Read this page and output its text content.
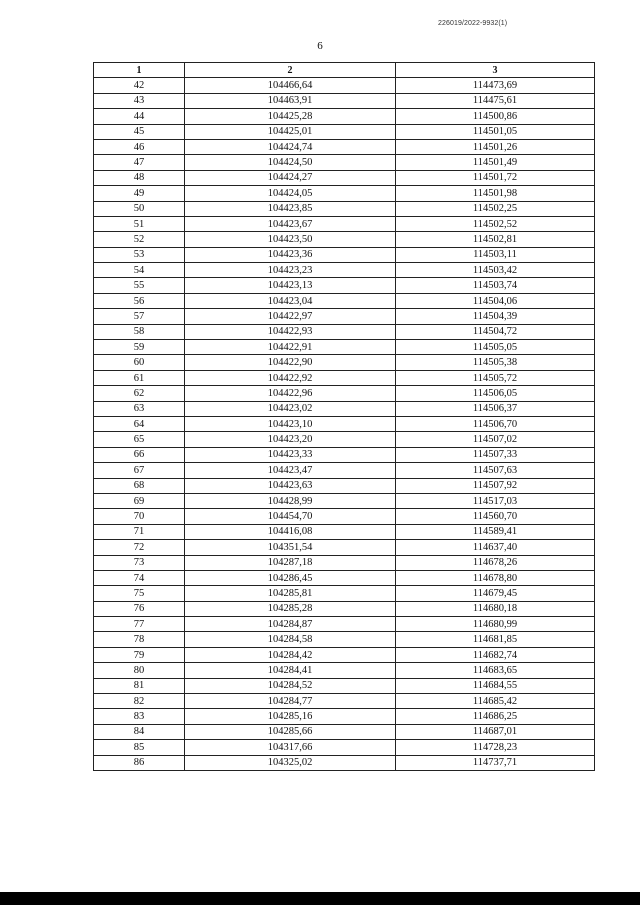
226019/2022-9932(1)
6
1	2	3
42	104466,64	114473,69
43	104463,91	114475,61
44	104425,28	114500,86
45	104425,01	114501,05
46	104424,74	114501,26
47	104424,50	114501,49
48	104424,27	114501,72
49	104424,05	114501,98
50	104423,85	114502,25
51	104423,67	114502,52
52	104423,50	114502,81
53	104423,36	114503,11
54	104423,23	114503,42
55	104423,13	114503,74
56	104423,04	114504,06
57	104422,97	114504,39
58	104422,93	114504,72
59	104422,91	114505,05
60	104422,90	114505,38
61	104422,92	114505,72
62	104422,96	114506,05
63	104423,02	114506,37
64	104423,10	114506,70
65	104423,20	114507,02
66	104423,33	114507,33
67	104423,47	114507,63
68	104423,63	114507,92
69	104428,99	114517,03
70	104454,70	114560,70
71	104416,08	114589,41
72	104351,54	114637,40
73	104287,18	114678,26
74	104286,45	114678,80
75	104285,81	114679,45
76	104285,28	114680,18
77	104284,87	114680,99
78	104284,58	114681,85
79	104284,42	114682,74
80	104284,41	114683,65
81	104284,52	114684,55
82	104284,77	114685,42
83	104285,16	114686,25
84	104285,66	114687,01
85	104317,66	114728,23
86	104325,02	114737,71
